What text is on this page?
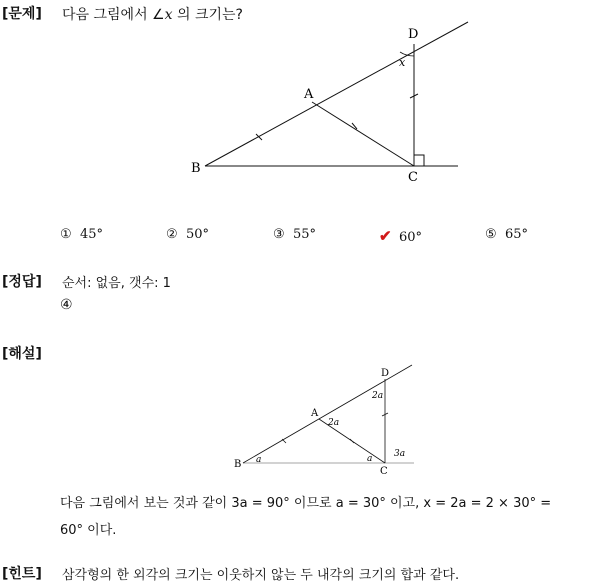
[문제] 다음 그림에서 ∠x 의 크기는?
D
x
A
B
C
① 45°	② 50°	③ 55°	✔ 60°	⑤ 65°
[정답] 순서: 없음, 갯수: 1
④
[해설]
D
2a
A
2a
B a	a 3a
C
다음 그림에서 보는 것과 같이 3a = 90° 이므로 a = 30° 이고, x = 2a = 2 × 30° =
60° 이다.
[힌트] 삼각형의 한 외각의 크기는 이웃하지 않는 두 내각의 크기의 합과 같다.
